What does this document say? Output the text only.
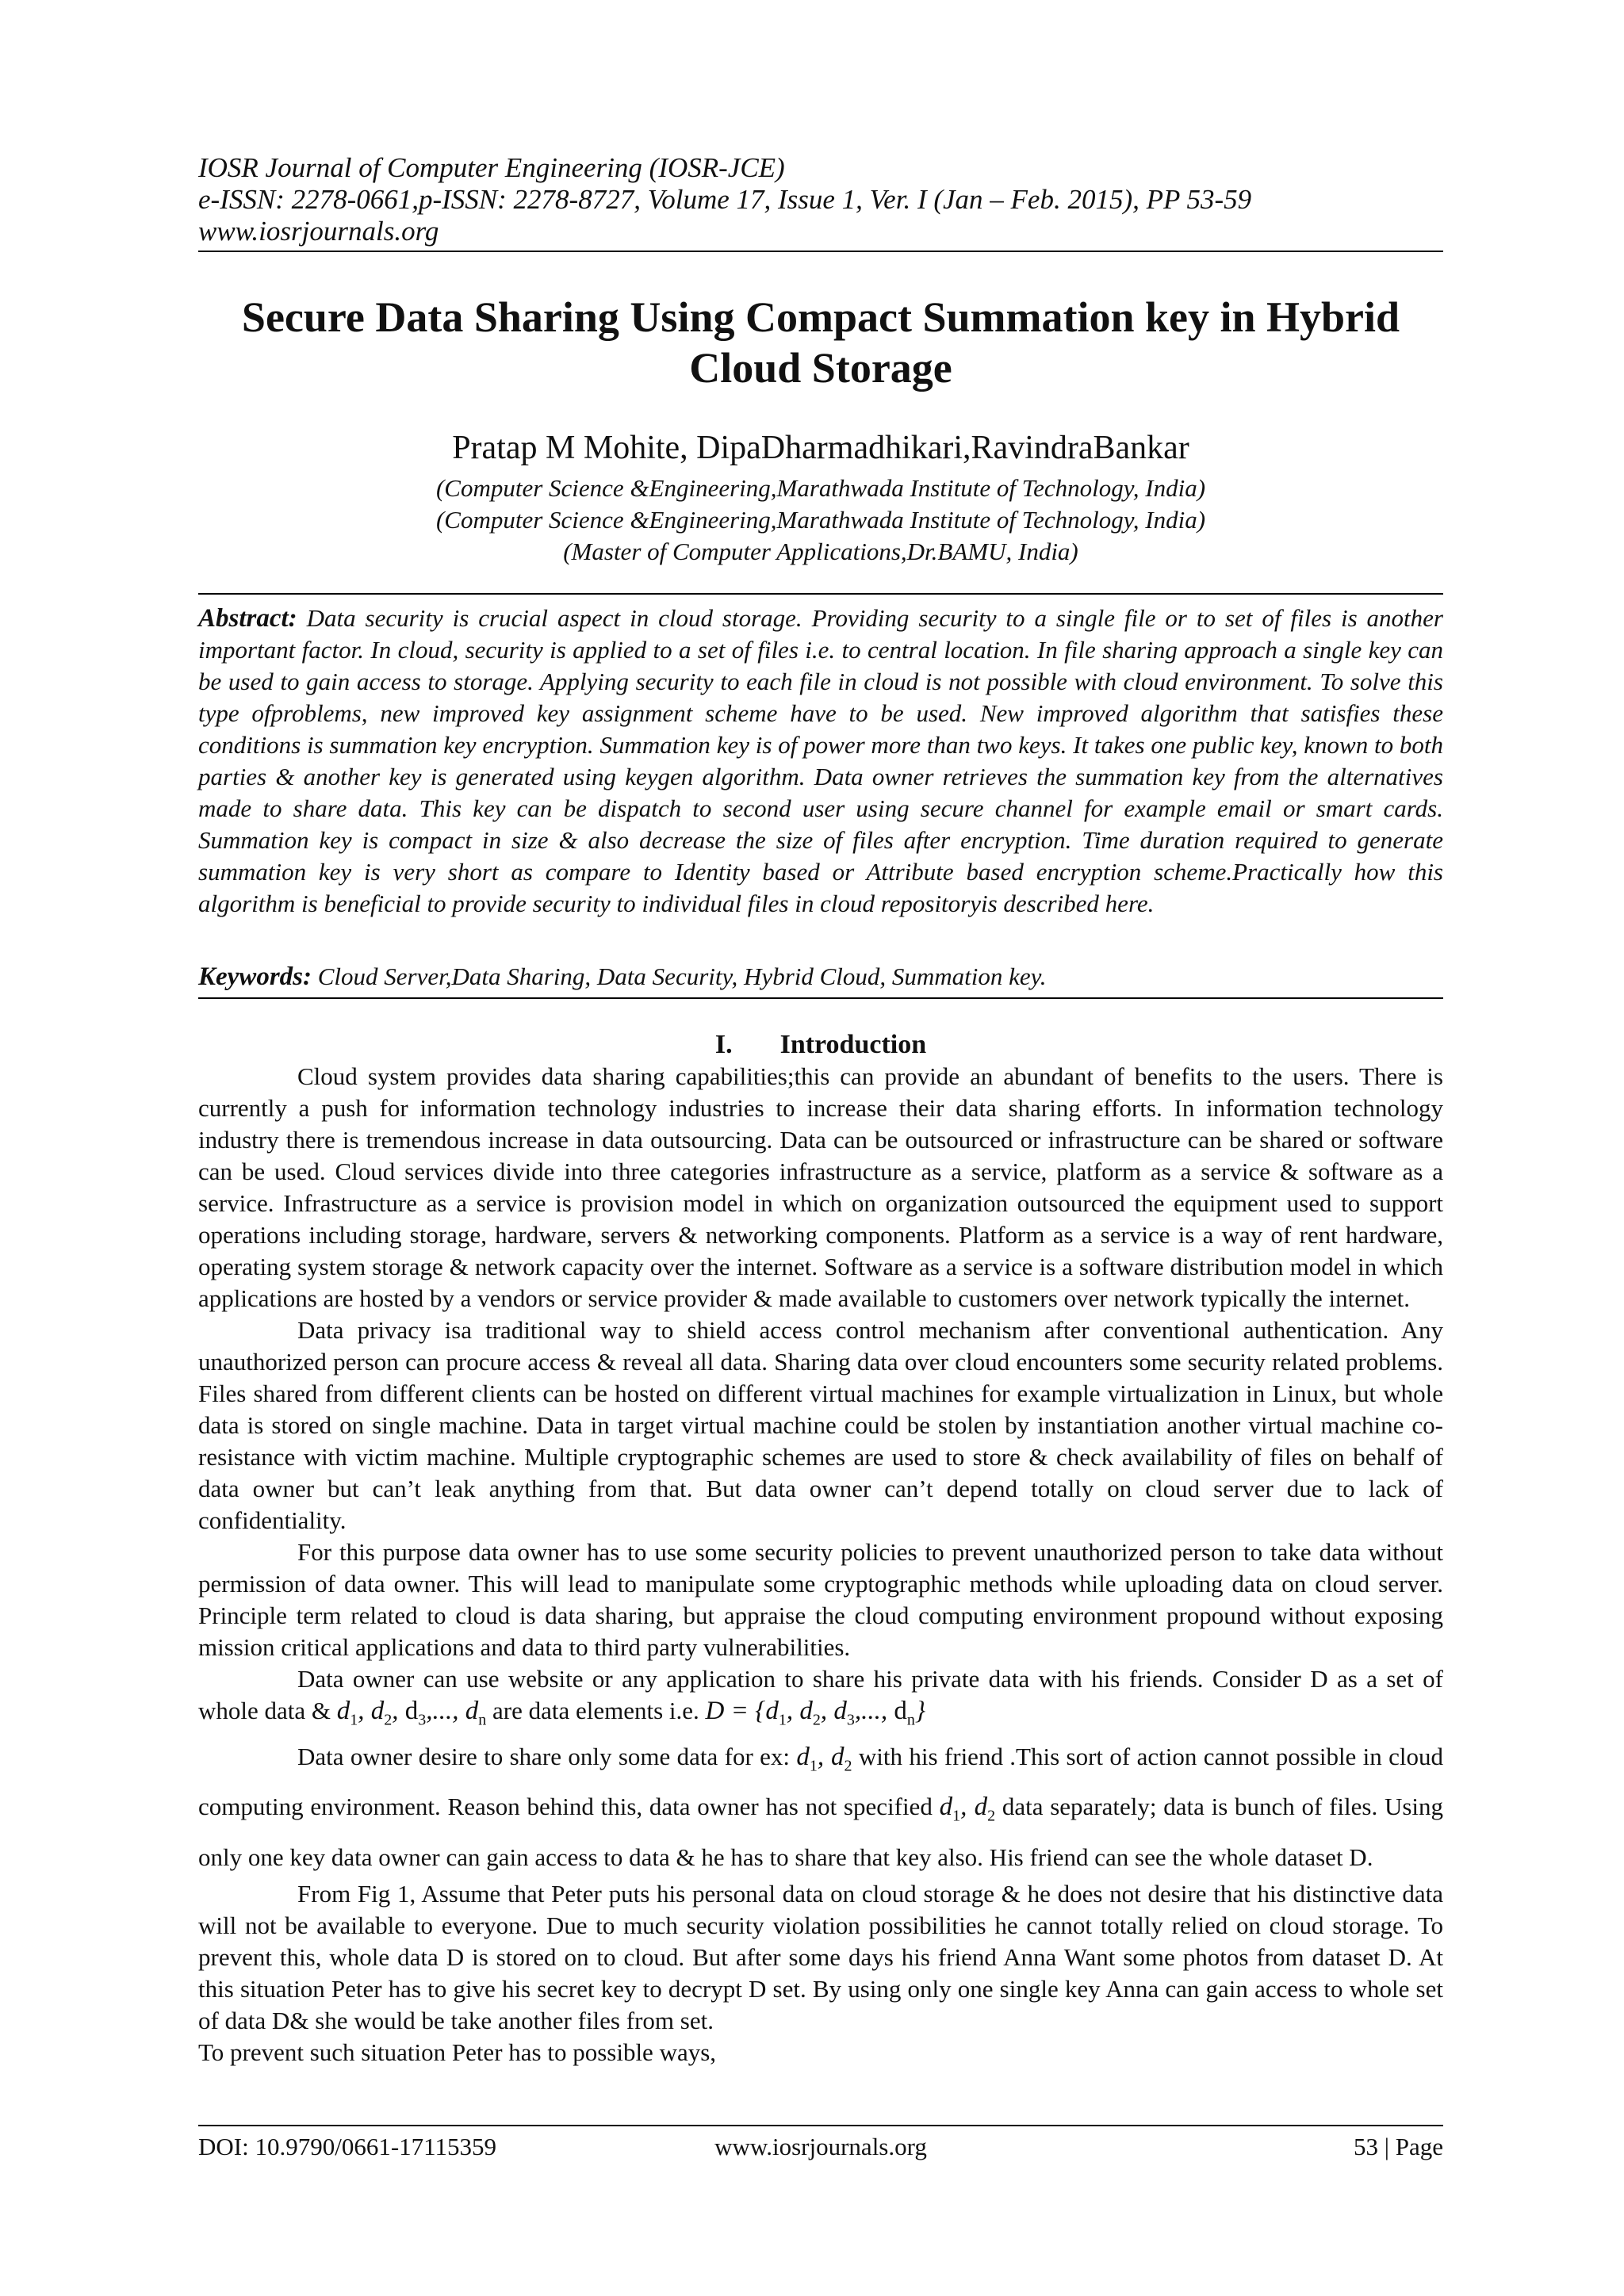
IOSR Journal of Computer Engineering (IOSR-JCE)
e-ISSN: 2278-0661,p-ISSN: 2278-8727, Volume 17, Issue 1, Ver. I (Jan – Feb. 2015), PP 53-59
www.iosrjournals.org
Secure Data Sharing Using Compact Summation key in Hybrid
Cloud Storage
Pratap M Mohite, DipaDharmadhikari,RavindraBankar
(Computer Science &Engineering,Marathwada Institute of Technology, India)
(Computer Science &Engineering,Marathwada Institute of Technology, India)
(Master of Computer Applications,Dr.BAMU, India)
Abstract: Data security is crucial aspect in cloud storage. Providing security to a single file or to set of files is another important factor. In cloud, security is applied to a set of files i.e. to central location. In file sharing approach a single key can be used to gain access to storage. Applying security to each file in cloud is not possible with cloud environment. To solve this type ofproblems, new improved key assignment scheme have to be used. New improved algorithm that satisfies these conditions is summation key encryption. Summation key is of power more than two keys. It takes one public key, known to both parties & another key is generated using keygen algorithm. Data owner retrieves the summation key from the alternatives made to share data. This key can be dispatch to second user using secure channel for example email or smart cards. Summation key is compact in size & also decrease the size of files after encryption. Time duration required to generate summation key is very short as compare to Identity based or Attribute based encryption scheme.Practically how this algorithm is beneficial to provide security to individual files in cloud repositoryis described here.
Keywords: Cloud Server,Data Sharing, Data Security, Hybrid Cloud, Summation key.
I. Introduction

Cloud system provides data sharing capabilities;this can provide an abundant of benefits to the users. There is currently a push for information technology industries to increase their data sharing efforts. In information technology industry there is tremendous increase in data outsourcing. Data can be outsourced or infrastructure can be shared or software can be used. Cloud services divide into three categories infrastructure as a service, platform as a service & software as a service. Infrastructure as a service is provision model in which on organization outsourced the equipment used to support operations including storage, hardware, servers & networking components. Platform as a service is a way of rent hardware, operating system storage & network capacity over the internet. Software as a service is a software distribution model in which applications are hosted by a vendors or service provider & made available to customers over network typically the internet.

Data privacy isa traditional way to shield access control mechanism after conventional authentication. Any unauthorized person can procure access & reveal all data. Sharing data over cloud encounters some security related problems. Files shared from different clients can be hosted on different virtual machines for example virtualization in Linux, but whole data is stored on single machine. Data in target virtual machine could be stolen by instantiation another virtual machine co-resistance with victim machine. Multiple cryptographic schemes are used to store & check availability of files on behalf of data owner but can’t leak anything from that. But data owner can’t depend totally on cloud server due to lack of confidentiality.

For this purpose data owner has to use some security policies to prevent unauthorized person to take data without permission of data owner. This will lead to manipulate some cryptographic methods while uploading data on cloud server. Principle term related to cloud is data sharing, but appraise the cloud computing environment propound without exposing mission critical applications and data to third party vulnerabilities.

Data owner can use website or any application to share his private data with his friends. Consider D as a set of whole data & $d_1$, $d_2$, $d_3$,..., $d_n$ are data elements i.e. $D = \{d_1$, $d_2$, $d_3$,..., $d_n$}

Data owner desire to share only some data for ex: $d_1$, $d_2$ with his friend .This sort of action cannot possible in cloud computing environment. Reason behind this, data owner has not specified $d_1$, $d_2$ data separately; data is bunch of files. Using only one key data owner can gain access to data & he has to share that key also. His friend can see the whole dataset D.

From Fig 1, Assume that Peter puts his personal data on cloud storage & he does not desire that his distinctive data will not be available to everyone. Due to much security violation possibilities he cannot totally relied on cloud storage. To prevent this, whole data D is stored on to cloud. But after some days his friend Anna Want some photos from dataset D. At this situation Peter has to give his secret key to decrypt D set. By using only one single key Anna can gain access to whole set of data D& she would be take another files from set.

To prevent such situation Peter has to possible ways,

DOI: 10.9790/0661-17115359	www.iosrjournals.org	53 | Page
